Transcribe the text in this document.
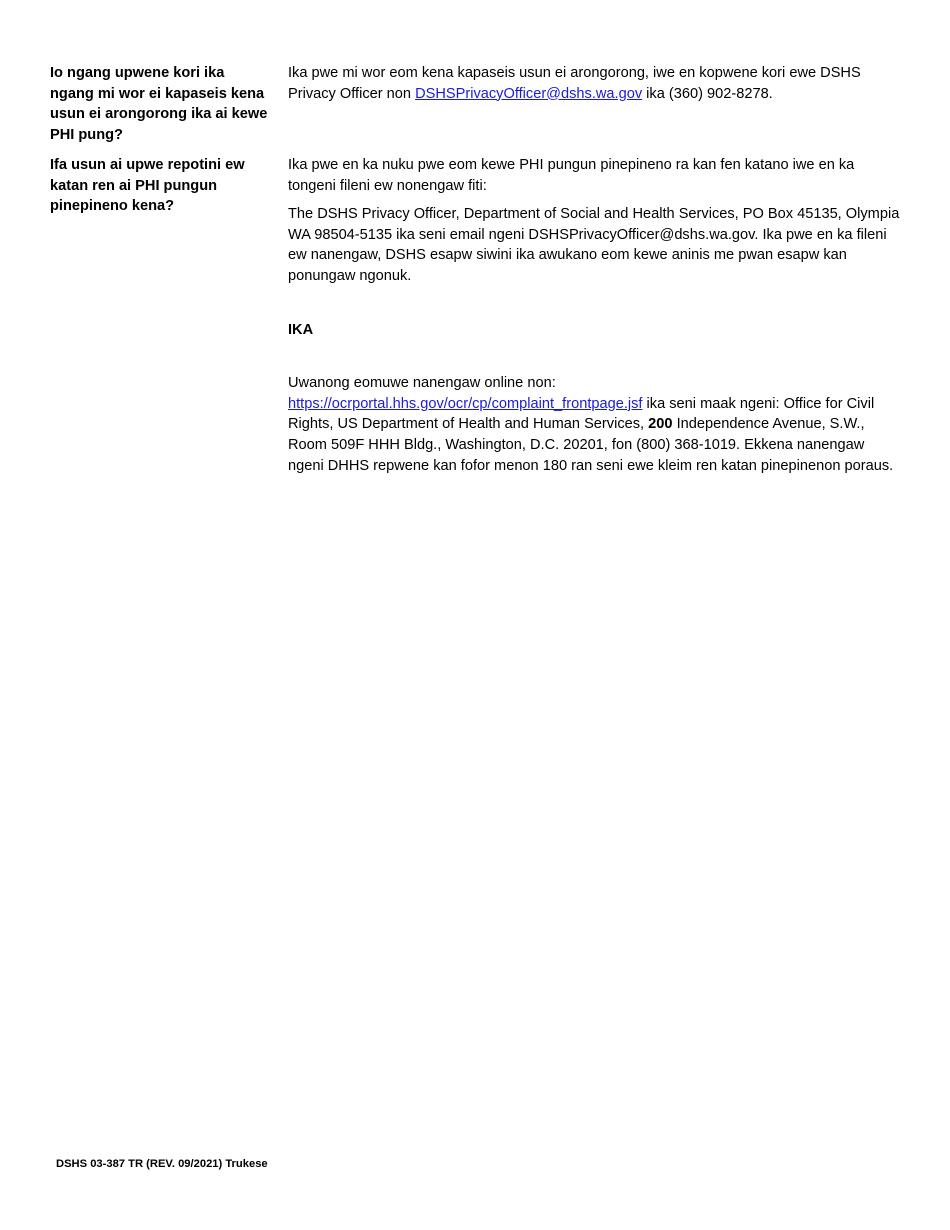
Io ngang upwene kori ika ngang mi wor ei kapaseis kena usun ei arongorong ika ai kewe PHI pung?

Ika pwe mi wor eom kena kapaseis usun ei arongorong, iwe en kopwene kori ewe DSHS Privacy Officer non DSHSPrivacyOfficer@dshs.wa.gov ika (360) 902-8278.

Ifa usun ai upwe repotini ew katan ren ai PHI pungun pinepineno kena?

Ika pwe en ka nuku pwe eom kewe PHI pungun pinepineno ra kan fen katano iwe en ka tongeni fileni ew nonengaw fiti:

The DSHS Privacy Officer, Department of Social and Health Services, PO Box 45135, Olympia WA 98504-5135 ika seni email ngeni DSHSPrivacyOfficer@dshs.wa.gov. Ika pwe en ka fileni ew nanengaw, DSHS esapw siwini ika awukano eom kewe aninis me pwan esapw kan ponungaw ngonuk.

IKA

Uwanong eomuwe nanengaw online non: https://ocrportal.hhs.gov/ocr/cp/complaint_frontpage.jsf ika seni maak ngeni: Office for Civil Rights, US Department of Health and Human Services, 200 Independence Avenue, S.W., Room 509F HHH Bldg., Washington, D.C. 20201, fon (800) 368-1019. Ekkena nanengaw ngeni DHHS repwene kan fofor menon 180 ran seni ewe kleim ren katan pinepinenon poraus.

DSHS 03-387 TR (REV. 09/2021) Trukese
